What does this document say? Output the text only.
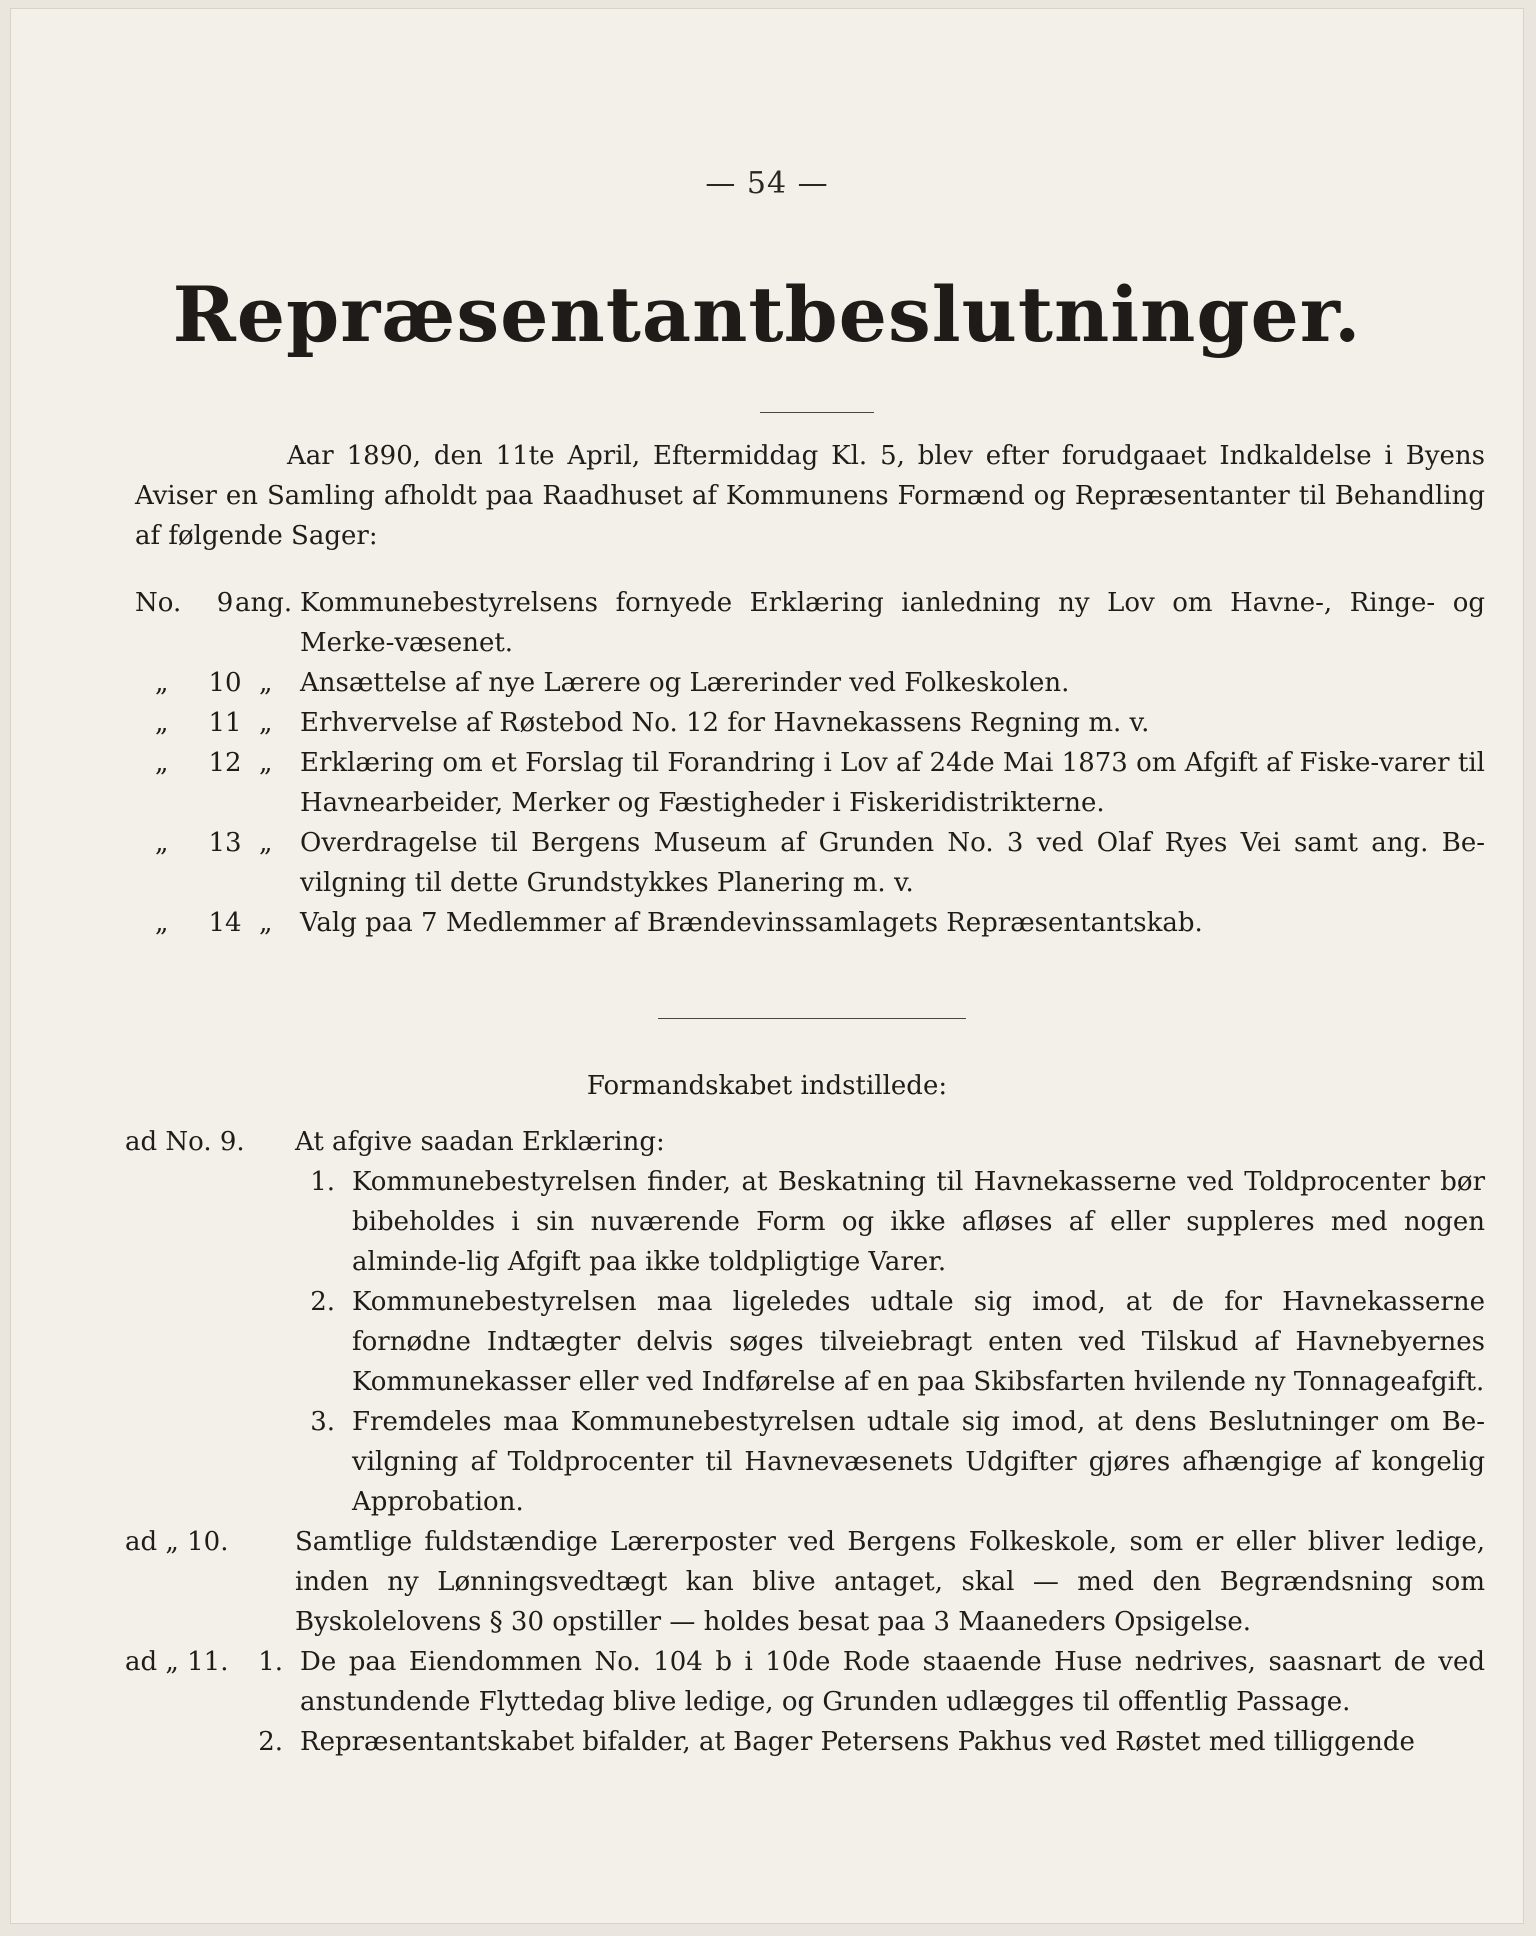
— 54 —
Repræsentantbeslutninger.
Aar 1890, den 11te April, Eftermiddag Kl. 5, blev efter forudgaaet Indkaldelse i Byens Aviser en Samling afholdt paa Raadhuset af Kommunens Formænd og Repræsentanter til Behandling af følgende Sager:
No.	9 ang. Kommunebestyrelsens fornyede Erklæring ianledning ny Lov om Havne-, Ringe- og Merke-væsenet.
„	10 „ Ansættelse af nye Lærere og Lærerinder ved Folkeskolen.
„	11 „ Erhvervelse af Røstebod No. 12 for Havnekassens Regning m. v.
„	12 „ Erklæring om et Forslag til Forandring i Lov af 24de Mai 1873 om Afgift af Fiske-varer til Havnearbeider, Merker og Fæstigheder i Fiskeridistrikterne.
„	13 „ Overdragelse til Bergens Museum af Grunden No. 3 ved Olaf Ryes Vei samt ang. Be-vilgning til dette Grundstykkes Planering m. v.
„	14 „ Valg paa 7 Medlemmer af Brændevinssamlagets Repræsentantskab.
Formandskabet indstillede:
ad No. 9. At afgive saadan Erklæring:
1. Kommunebestyrelsen finder, at Beskatning til Havnekasserne ved Toldprocenter bør bibeholdes i sin nuværende Form og ikke afløses af eller suppleres med nogen alminde-lig Afgift paa ikke toldpligtige Varer.
2. Kommunebestyrelsen maa ligeledes udtale sig imod, at de for Havnekasserne fornødne Indtægter delvis søges tilveiebragt enten ved Tilskud af Havnebyernes Kommunekasser eller ved Indførelse af en paa Skibsfarten hvilende ny Tonnageafgift.
3. Fremdeles maa Kommunebestyrelsen udtale sig imod, at dens Beslutninger om Be-vilgning af Toldprocenter til Havnevæsenets Udgifter gjøres afhængige af kongelig Approbation.
ad „ 10.	Samtlige fuldstændige Lærerposter ved Bergens Folkeskole, som er eller bliver ledige, inden ny Lønningsvedtægt kan blive antaget, skal — med den Begrændsning som Byskolelovens § 30 opstiller — holdes besat paa 3 Maaneders Opsigelse.
ad „ 11.	1. De paa Eiendommen No. 104 b i 10de Rode staaende Huse nedrives, saasnart de ved anstundende Flyttedag blive ledige, og Grunden udlægges til offentlig Passage.
2. Repræsentantskabet bifalder, at Bager Petersens Pakhus ved Røstet med tilliggende
